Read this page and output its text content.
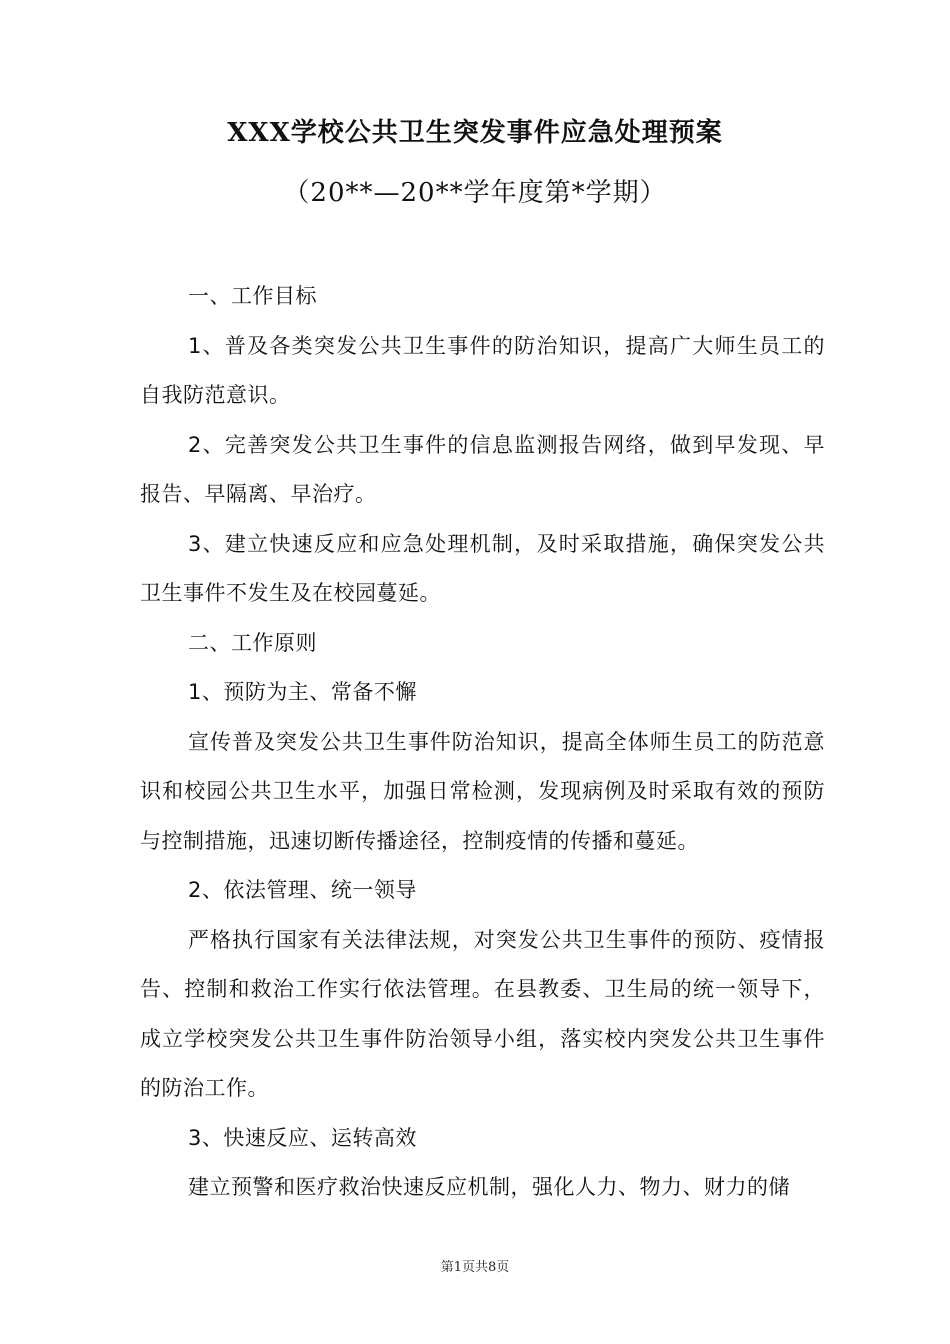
XXX学校公共卫生突发事件应急处理预案
（20**—20**学年度第*学期）

一、工作目标

1、普及各类突发公共卫生事件的防治知识，提高广大师生员工的自我防范意识。

2、完善突发公共卫生事件的信息监测报告网络，做到早发现、早报告、早隔离、早治疗。

3、建立快速反应和应急处理机制，及时采取措施，确保突发公共卫生事件不发生及在校园蔓延。

二、工作原则

1、预防为主、常备不懈

宣传普及突发公共卫生事件防治知识，提高全体师生员工的防范意识和校园公共卫生水平，加强日常检测，发现病例及时采取有效的预防与控制措施，迅速切断传播途径，控制疫情的传播和蔓延。

2、依法管理、统一领导

严格执行国家有关法律法规，对突发公共卫生事件的预防、疫情报告、控制和救治工作实行依法管理。在县教委、卫生局的统一领导下，成立学校突发公共卫生事件防治领导小组，落实校内突发公共卫生事件的防治工作。

3、快速反应、运转高效

建立预警和医疗救治快速反应机制，强化人力、物力、财力的储

第1页共8页
